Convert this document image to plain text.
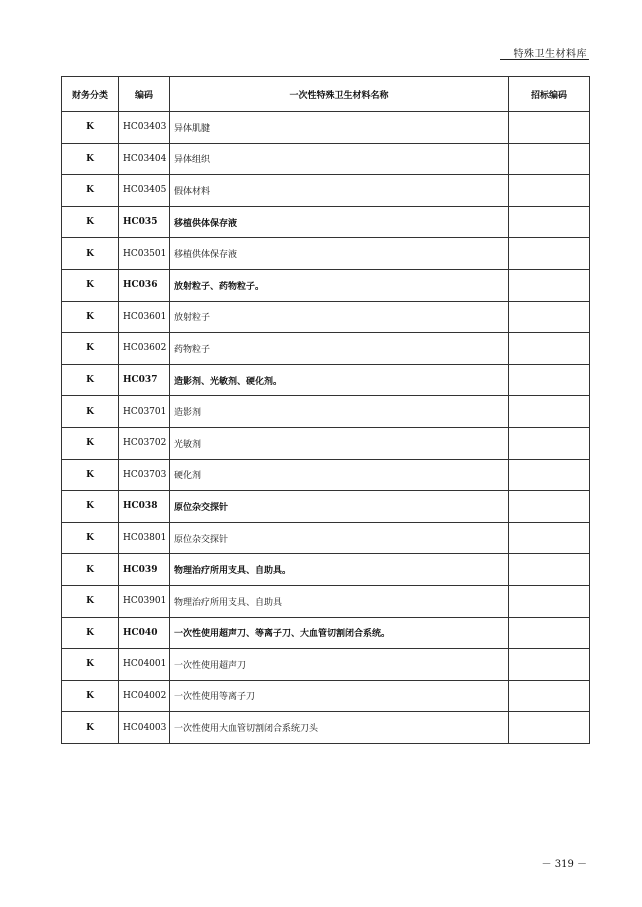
特殊卫生材料库
财务分类	编码	一次性特殊卫生材料名称	招标编码
K	HC03403	异体肌腱	
K	HC03404	异体组织	
K	HC03405	假体材料	
K	HC035	移植供体保存液	
K	HC03501	移植供体保存液	
K	HC036	放射粒子、药物粒子。	
K	HC03601	放射粒子	
K	HC03602	药物粒子	
K	HC037	造影剂、光敏剂、硬化剂。	
K	HC03701	造影剂	
K	HC03702	光敏剂	
K	HC03703	硬化剂	
K	HC038	原位杂交探针	
K	HC03801	原位杂交探针	
K	HC039	物理治疗所用支具、自助具。	
K	HC03901	物理治疗所用支具、自助具	
K	HC040	一次性使用超声刀、等离子刀、大血管切割闭合系统。	
K	HC04001	一次性使用超声刀	
K	HC04002	一次性使用等离子刀	
K	HC04003	一次性使用大血管切割闭合系统刀头	
－ 319 －
